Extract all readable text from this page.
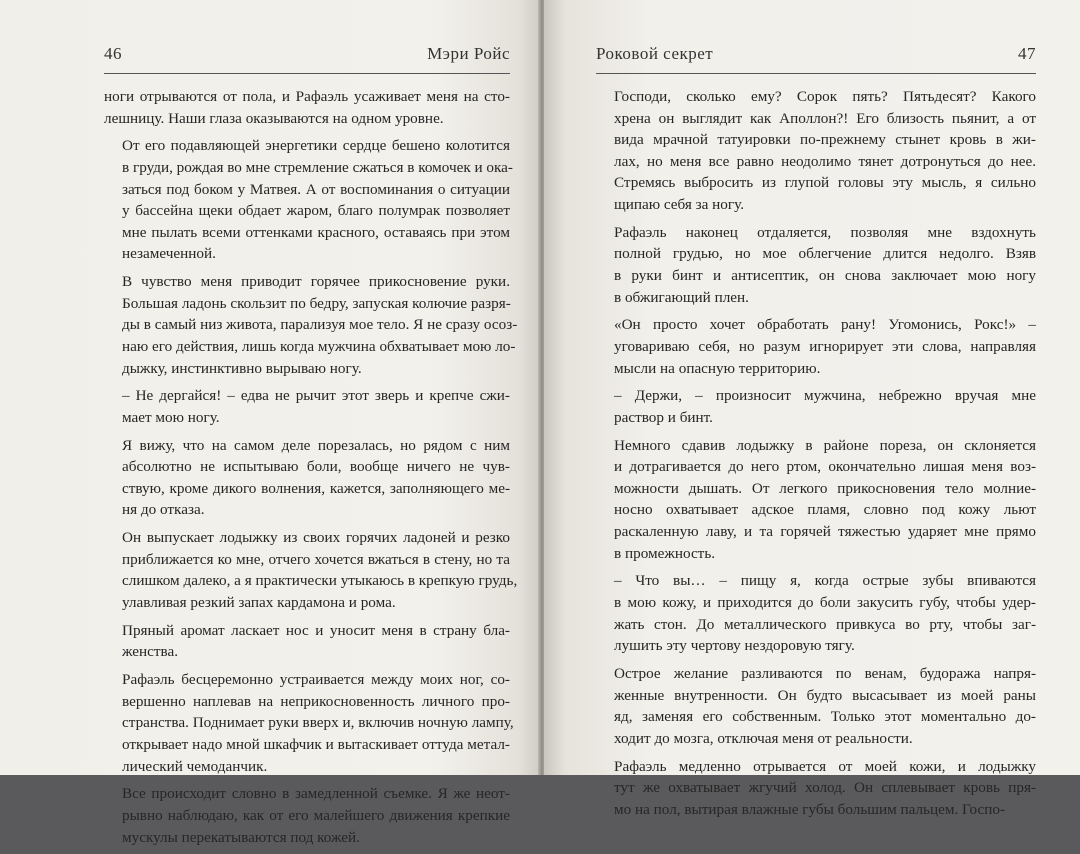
46	Мэри Ройс

ноги отрываются от пола, и Рафаэль усаживает меня на сто-
лешницу. Наши глаза оказываются на одном уровне.

От его подавляющей энергетики сердце бешено колотится
в груди, рождая во мне стремление сжаться в комочек и ока-
заться под боком у Матвея. А от воспоминания о ситуации
у бассейна щеки обдает жаром, благо полумрак позволяет
мне пылать всеми оттенками красного, оставаясь при этом
незамеченной.

В чувство меня приводит горячее прикосновение руки.
Большая ладонь скользит по бедру, запуская колючие разря-
ды в самый низ живота, парализуя мое тело. Я не сразу осоз-
наю его действия, лишь когда мужчина обхватывает мою ло-
дыжку, инстинктивно вырываю ногу.

– Не дергайся! – едва не рычит этот зверь и крепче сжи-
мает мою ногу.

Я вижу, что на самом деле порезалась, но рядом с ним
абсолютно не испытываю боли, вообще ничего не чув-
ствую, кроме дикого волнения, кажется, заполняющего ме-
ня до отказа.

Он выпускает лодыжку из своих горячих ладоней и резко
приближается ко мне, отчего хочется вжаться в стену, но та
слишком далеко, а я практически утыкаюсь в крепкую грудь,
улавливая резкий запах кардамона и рома.

Пряный аромат ласкает нос и уносит меня в страну бла-
женства.

Рафаэль бесцеремонно устраивается между моих ног, со-
вершенно наплевав на неприкосновенность личного про-
странства. Поднимает руки вверх и, включив ночную лампу,
открывает надо мной шкафчик и вытаскивает оттуда метал-
лический чемоданчик.

Все происходит словно в замедленной съемке. Я же неот-
рывно наблюдаю, как от его малейшего движения крепкие
мускулы перекатываются под кожей.

Роковой секрет	47

Господи, сколько ему? Сорок пять? Пятьдесят? Какого
хрена он выглядит как Аполлон?! Его близость пьянит, а от
вида мрачной татуировки по-прежнему стынет кровь в жи-
лах, но меня все равно неодолимо тянет дотронуться до нее.
Стремясь выбросить из глупой головы эту мысль, я сильно
щипаю себя за ногу.

Рафаэль наконец отдаляется, позволяя мне вздохнуть
полной грудью, но мое облегчение длится недолго. Взяв
в руки бинт и антисептик, он снова заключает мою ногу
в обжигающий плен.

«Он просто хочет обработать рану! Угомонись, Рокс!» –
уговариваю себя, но разум игнорирует эти слова, направляя
мысли на опасную территорию.

– Держи, – произносит мужчина, небрежно вручая мне
раствор и бинт.

Немного сдавив лодыжку в районе пореза, он склоняется
и дотрагивается до него ртом, окончательно лишая меня воз-
можности дышать. От легкого прикосновения тело молние-
носно охватывает адское пламя, словно под кожу льют
раскаленную лаву, и та горячей тяжестью ударяет мне прямо
в промежность.

– Что вы… – пищу я, когда острые зубы впиваются
в мою кожу, и приходится до боли закусить губу, чтобы удер-
жать стон. До металлического привкуса во рту, чтобы заг-
лушить эту чертову нездоровую тягу.

Острое желание разливаются по венам, будоража напря-
женные внутренности. Он будто высасывает из моей раны
яд, заменяя его собственным. Только этот моментально до-
ходит до мозга, отключая меня от реальности.

Рафаэль медленно отрывается от моей кожи, и лодыжку
тут же охватывает жгучий холод. Он сплевывает кровь пря-
мо на пол, вытирая влажные губы большим пальцем. Госпо-
